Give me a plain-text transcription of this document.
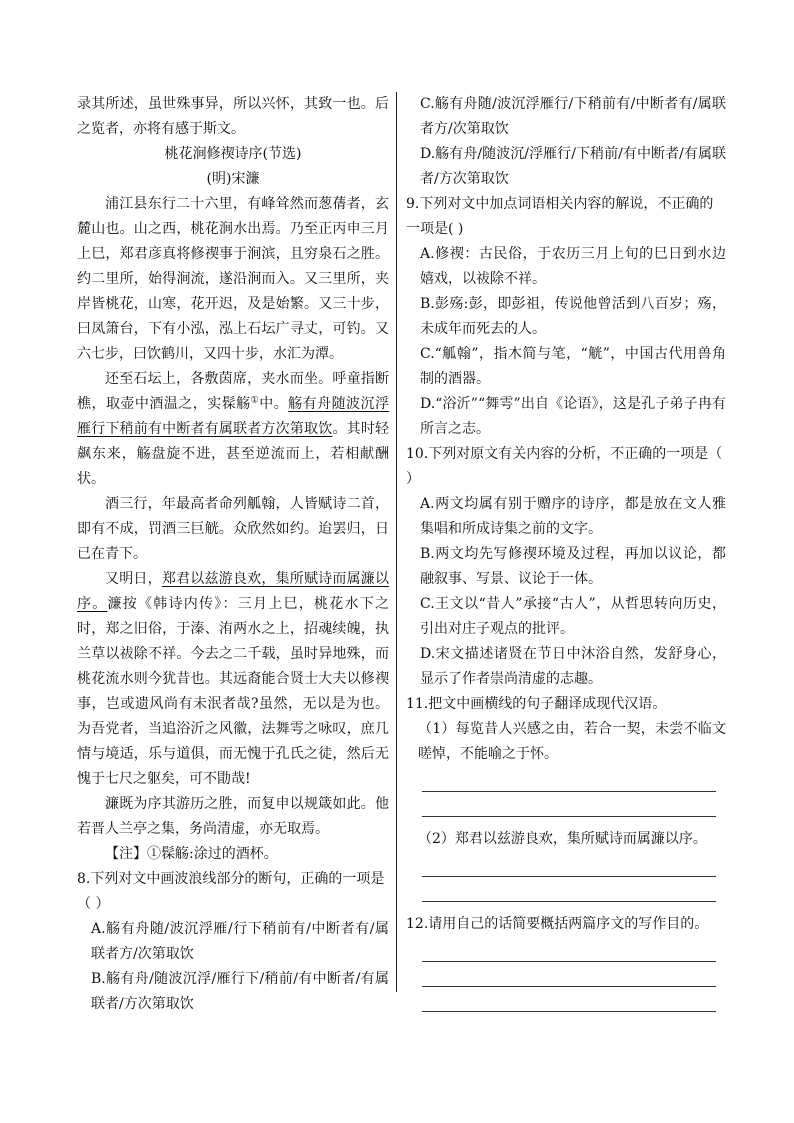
录其所述，虽世殊事异，所以兴怀，其致一也。后之览者，亦将有感于斯文。

桃花涧修禊诗序(节选)

(明)宋濂

浦江县东行二十六里，有峰耸然而葱蒨者，玄麓山也。山之西，桃花涧水出焉。乃至正丙申三月上巳，郑君彦真将修禊事于涧滨，且穷泉石之胜。约二里所，始得涧流，遂沿涧而入。又三里所，夹岸皆桃花，山寒，花开迟，及是始繁。又三十步，曰凤箫台，下有小泓，泓上石坛广寻丈，可钓。又六七步，曰饮鹤川，又四十步，水汇为潭。

还至石坛上，各敷茵席，夹水而坐。呼童指断樵，取壶中酒温之，实髹觞①中。觞有舟随波沉浮雁行下稍前有中断者有属联者方次第取饮。其时轻飙东来，觞盘旋不进，甚至逆流而上，若相献酬状。

酒三行，年最高者命列觚翰，人皆赋诗二首，即有不成，罚酒三巨觥。众欣然如约。迨罢归，日已在青下。

又明日，郑君以兹游良欢，集所赋诗而属濂以序。濂按《韩诗内传》：三月上巳，桃花水下之时，郑之旧俗，于溱、洧两水之上，招魂续魄，执兰草以祓除不祥。今去之二千载，虽时异地殊，而桃花流水则今犹昔也。其远裔能合贤士大夫以修禊事，岂或遗风尚有未泯者哉?虽然，无以是为也。为吾党者，当追浴沂之风徽，法舞雩之咏叹，庶几情与境适，乐与道俱，而无愧于孔氏之徒，然后无愧于七尺之躯矣，可不勖哉!

濂既为序其游历之胜，而复申以规箴如此。他若晋人兰亭之集，务尚清虚，亦无取焉。

【注】①髹觞:涂过的酒杯。

8.下列对文中画波浪线部分的断句，正确的一项是（ ）

A.觞有舟随/波沉浮雁/行下稍前有/中断者有/属联者方/次第取饮

B.觞有舟/随波沉浮/雁行下/稍前/有中断者/有属联者/方次第取饮

C.觞有舟随/波沉浮雁行/下稍前有/中断者有/属联者方/次第取饮

D.觞有舟/随波沉/浮雁行/下稍前/有中断者/有属联者/方次第取饮

9.下列对文中加点词语相关内容的解说，不正确的一项是( )

A.修禊：古民俗，于农历三月上旬的巳日到水边嬉戏，以祓除不祥。

B.彭殇:彭，即彭祖，传说他曾活到八百岁；殇，未成年而死去的人。

C.“觚翰”，指木简与笔，“觥”，中国古代用兽角制的酒器。

D.“浴沂”“舞雩”出自《论语》，这是孔子弟子冉有所言之志。

10.下列对原文有关内容的分析，不正确的一项是（ ）

A.两文均属有别于赠序的诗序，都是放在文人雅集唱和所成诗集之前的文字。

B.两文均先写修禊环境及过程，再加以议论，都融叙事、写景、议论于一体。

C.王文以“昔人”承接“古人”，从哲思转向历史，引出对庄子观点的批评。

D.宋文描述诸贤在节日中沐浴自然，发舒身心，显示了作者崇尚清虚的志趣。

11.把文中画横线的句子翻译成现代汉语。

（1）每览昔人兴感之由，若合一契，未尝不临文嗟悼，不能喻之于怀。

（2）郑君以兹游良欢，集所赋诗而属濂以序。

12.请用自己的话简要概括两篇序文的写作目的。
